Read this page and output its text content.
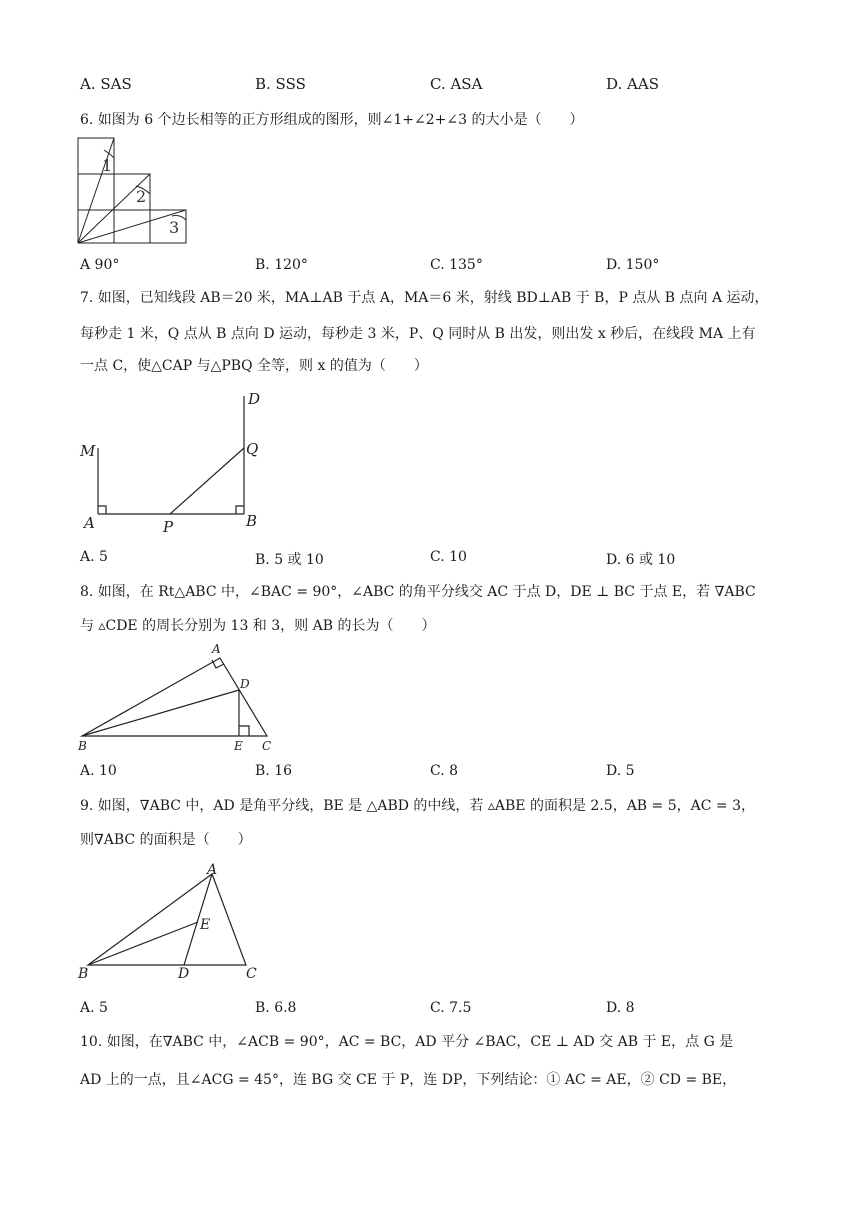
A. SAS	B. SSS	C. ASA	D. AAS
6. 如图为 6 个边长相等的正方形组成的图形，则∠1+∠2+∠3 的大小是（　　）
1
2
3
A 90°	B. 120°	C. 135°	D. 150°
7. 如图，已知线段 AB＝20 米，MA⊥AB 于点 A，MA＝6 米，射线 BD⊥AB 于 B，P 点从 B 点向 A 运动，
每秒走 1 米，Q 点从 B 点向 D 运动，每秒走 3 米，P、Q 同时从 B 出发，则出发 x 秒后，在线段 MA 上有
一点 C，使△CAP 与△PBQ 全等，则 x 的值为（　　）
M
A	P	B
Q
D
A. 5	B. 5 或 10	C. 10	D. 6 或 10
8. 如图，在 Rt△ABC 中，∠BAC = 90°，∠ABC 的角平分线交 AC 于点 D，DE ⊥ BC 于点 E，若 ∇ABC
与 ▵CDE 的周长分别为 13 和 3，则 AB 的长为（　　）
A
D
B	E C
A. 10	B. 16	C. 8	D. 5
9. 如图，∇ABC 中，AD 是角平分线，BE 是 △ABD 的中线，若 ▵ABE 的面积是 2.5，AB = 5，AC = 3，
则∇ABC 的面积是（　　）
A
E
B	D	C
A. 5	B. 6.8	C. 7.5	D. 8
10. 如图，在∇ABC 中，∠ACB = 90°，AC = BC，AD 平分 ∠BAC，CE ⊥ AD 交 AB 于 E，点 G 是
AD 上的一点，且∠ACG = 45°，连 BG 交 CE 于 P，连 DP，下列结论：① AC = AE，② CD = BE，
